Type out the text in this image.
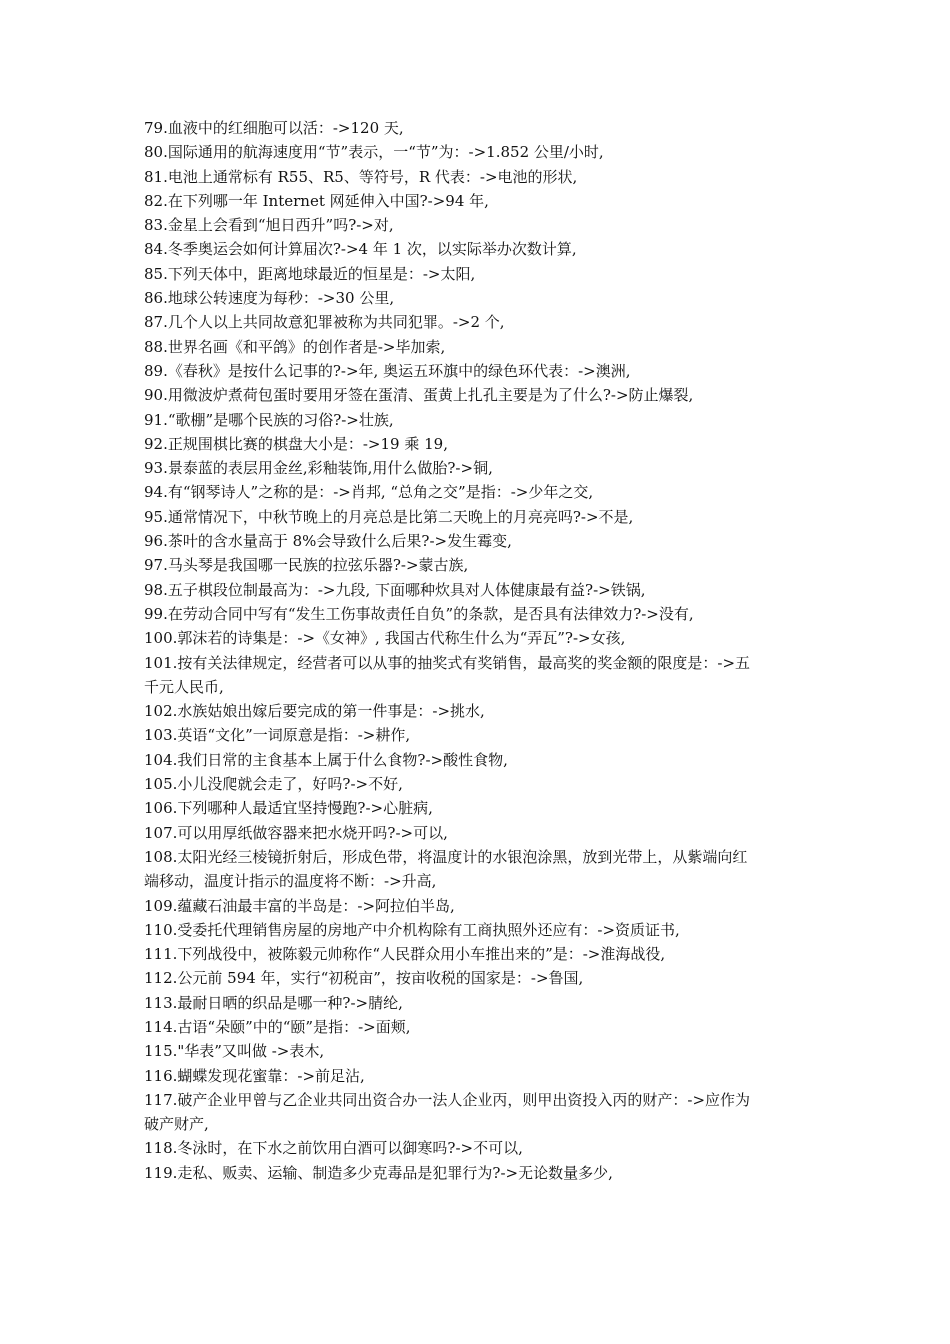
79.血液中的红细胞可以活：->120 天,
80.国际通用的航海速度用“节”表示，一“节”为：->1.852 公里/小时,
81.电池上通常标有 R55、R5、等符号，R 代表：->电池的形状,
82.在下列哪一年 Internet 网延伸入中国?->94 年,
83.金星上会看到“旭日西升”吗?->对,
84.冬季奥运会如何计算届次?->4 年 1 次，以实际举办次数计算,
85.下列天体中，距离地球最近的恒星是：->太阳,
86.地球公转速度为每秒：->30 公里,
87.几个人以上共同故意犯罪被称为共同犯罪。->2 个,
88.世界名画《和平鸽》的创作者是->毕加索,
89.《春秋》是按什么记事的?->年, 奥运五环旗中的绿色环代表：->澳洲,
90.用微波炉煮荷包蛋时要用牙签在蛋清、蛋黄上扎孔主要是为了什么?->防止爆裂,
91.“歌棚”是哪个民族的习俗?->壮族,
92.正规围棋比赛的棋盘大小是：->19 乘 19,
93.景泰蓝的表层用金丝,彩釉装饰,用什么做胎?->铜,
94.有“钢琴诗人”之称的是：->肖邦, “总角之交”是指：->少年之交,
95.通常情况下，中秋节晚上的月亮总是比第二天晚上的月亮亮吗?->不是,
96.茶叶的含水量高于 8%会导致什么后果?->发生霉变,
97.马头琴是我国哪一民族的拉弦乐器?->蒙古族,
98.五子棋段位制最高为：->九段, 下面哪种炊具对人体健康最有益?->铁锅,
99.在劳动合同中写有“发生工伤事故责任自负”的条款，是否具有法律效力?->没有,
100.郭沫若的诗集是：->《女神》, 我国古代称生什么为“弄瓦”?->女孩,
101.按有关法律规定，经营者可以从事的抽奖式有奖销售，最高奖的奖金额的限度是：->五
千元人民币,
102.水族姑娘出嫁后要完成的第一件事是：->挑水,
103.英语“文化”一词原意是指：->耕作,
104.我们日常的主食基本上属于什么食物?->酸性食物,
105.小儿没爬就会走了，好吗?->不好,
106.下列哪种人最适宜坚持慢跑?->心脏病,
107.可以用厚纸做容器来把水烧开吗?->可以,
108.太阳光经三棱镜折射后，形成色带，将温度计的水银泡涂黑，放到光带上，从紫端向红
端移动，温度计指示的温度将不断：->升高,
109.蕴藏石油最丰富的半岛是：->阿拉伯半岛,
110.受委托代理销售房屋的房地产中介机构除有工商执照外还应有：->资质证书,
111.下列战役中，被陈毅元帅称作“人民群众用小车推出来的”是：->淮海战役,
112.公元前 594 年，实行“初税亩”，按亩收税的国家是：->鲁国,
113.最耐日晒的织品是哪一种?->腈纶,
114.古语“朵颐”中的“颐”是指：->面颊,
115."华表”又叫做 ->表木,
116.蝴蝶发现花蜜靠：->前足沾,
117.破产企业甲曾与乙企业共同出资合办一法人企业丙，则甲出资投入丙的财产：->应作为
破产财产,
118.冬泳时，在下水之前饮用白酒可以御寒吗?->不可以,
119.走私、贩卖、运输、制造多少克毒品是犯罪行为?->无论数量多少,
